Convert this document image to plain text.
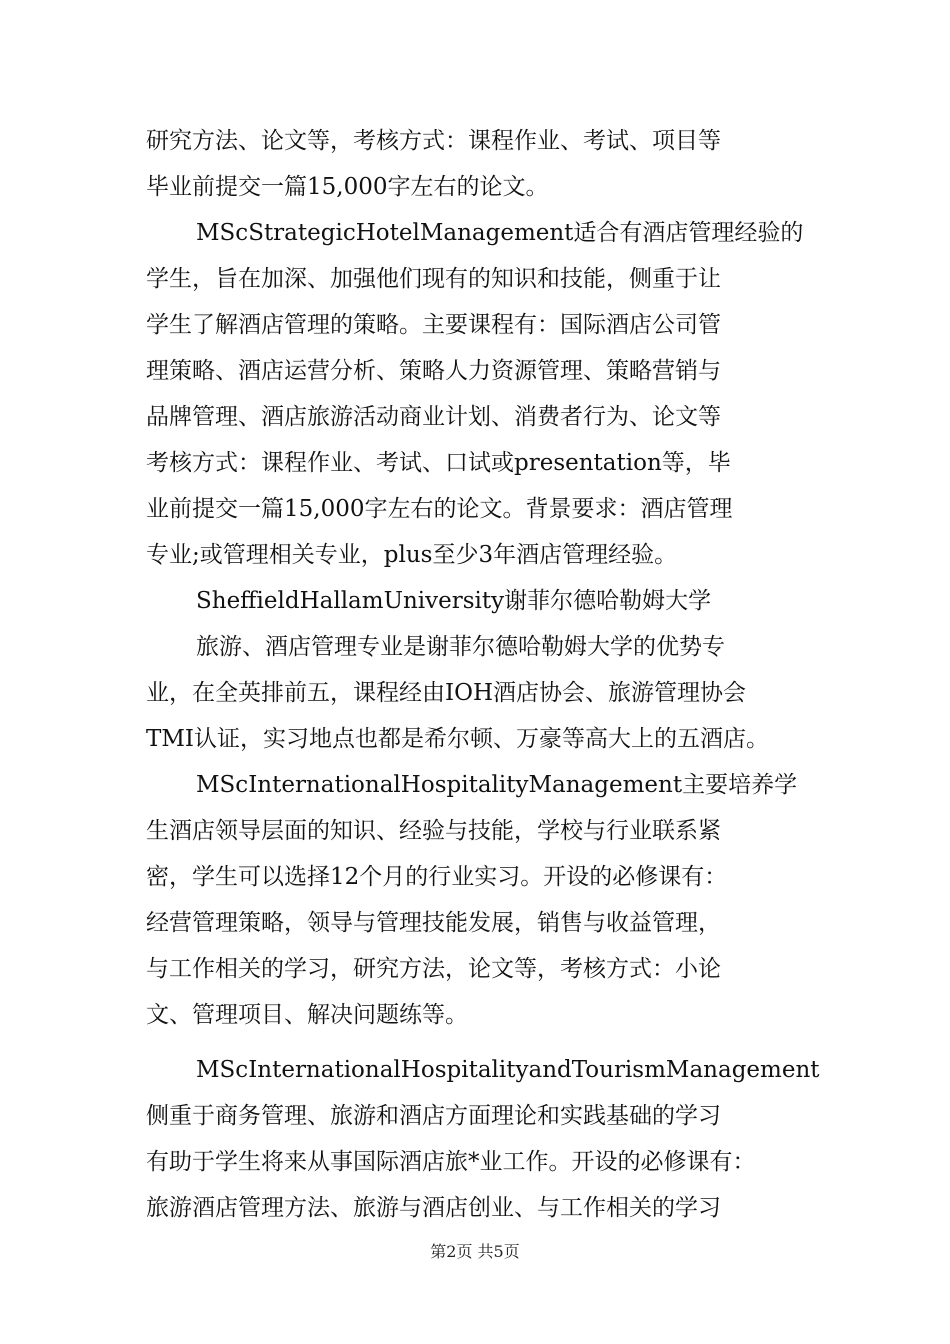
研究方法、论文等，考核方式：课程作业、考试、项目等
毕业前提交一篇15,000字左右的论文。
MScStrategicHotelManagement适合有酒店管理经验的
学生，旨在加深、加强他们现有的知识和技能，侧重于让
学生了解酒店管理的策略。主要课程有：国际酒店公司管
理策略、酒店运营分析、策略人力资源管理、策略营销与
品牌管理、酒店旅游活动商业计划、消费者行为、论文等
考核方式：课程作业、考试、口试或presentation等，毕
业前提交一篇15,000字左右的论文。背景要求：酒店管理
专业;或管理相关专业，plus至少3年酒店管理经验。
SheffieldHallamUniversity谢菲尔德哈勒姆大学
旅游、酒店管理专业是谢菲尔德哈勒姆大学的优势专
业，在全英排前五，课程经由IOH酒店协会、旅游管理协会
TMI认证，实习地点也都是希尔顿、万豪等高大上的五酒店。
MScInternationalHospitalityManagement主要培养学
生酒店领导层面的知识、经验与技能，学校与行业联系紧
密，学生可以选择12个月的行业实习。开设的必修课有：
经营管理策略，领导与管理技能发展，销售与收益管理，
与工作相关的学习，研究方法，论文等，考核方式：小论
文、管理项目、解决问题练等。
MScInternationalHospitalityandTourismManagement
侧重于商务管理、旅游和酒店方面理论和实践基础的学习
有助于学生将来从事国际酒店旅*业工作。开设的必修课有：
旅游酒店管理方法、旅游与酒店创业、与工作相关的学习
第2页 共5页
